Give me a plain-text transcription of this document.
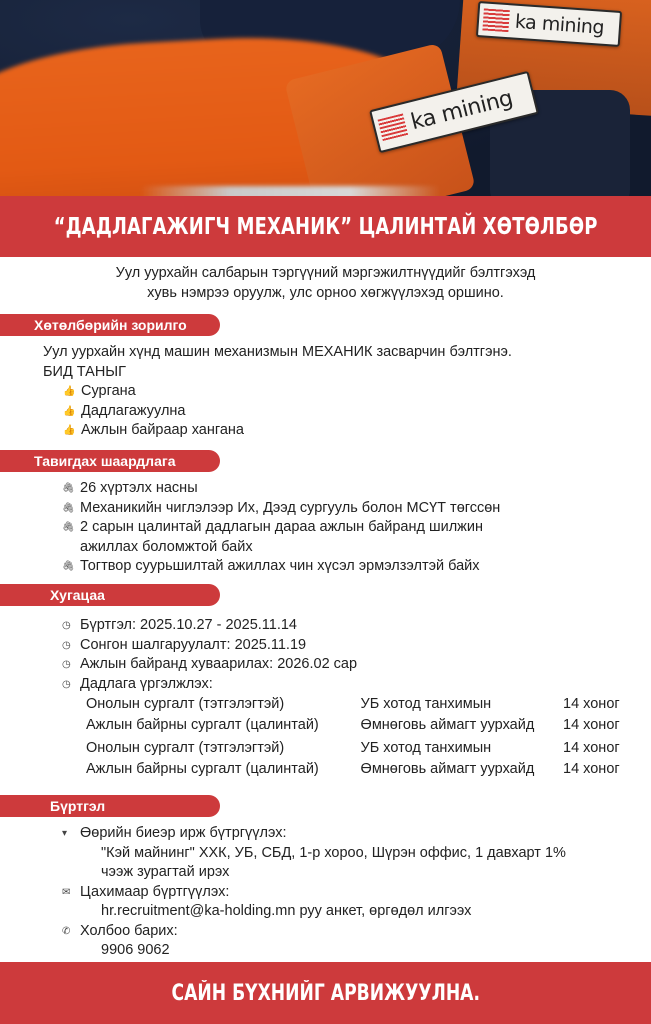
ka mining
ka mining
“ДАДЛАГАЖИГЧ МЕХАНИК” ЦАЛИНТАЙ ХӨТӨЛБӨР
Уул уурхайн салбарын тэргүүний мэргэжилтнүүдийг бэлтгэхэд
хувь нэмрээ оруулж, улс орноо хөгжүүлэхэд оршино.
Хөтөлбөрийн зорилго
Уул уурхайн хүнд машин механизмын МЕХАНИК засварчин бэлтгэнэ.
БИД ТАНЫГ
👍 Сургана
👍 Дадлагажуулна
👍 Ажлын байраар хангана
Тавигдах шаардлага
🖇 26 хүртэлх насны
🖇 Механикийн чиглэлээр Их, Дээд сургууль болон МСҮТ төгссөн
🖇 2 сарын цалинтай дадлагын дараа ажлын байранд шилжин ажиллах боломжтой байх
🖇 Тогтвор суурьшилтай ажиллах чин хүсэл эрмэлзэлтэй байх
Хугацаа
◷ Бүртгэл: 2025.10.27 - 2025.11.14
◷ Сонгон шалгаруулалт: 2025.11.19
◷ Ажлын байранд хуваарилах: 2026.02 сар
◷ Дадлага үргэлжлэх:
Онолын сургалт (тэтгэлэгтэй)	УБ хотод танхимын	14 хоног
Ажлын байрны сургалт (цалинтай)	Өмнөговь аймагт уурхайд	14 хоног
Онолын сургалт (тэтгэлэгтэй)	УБ хотод танхимын	14 хоног
Ажлын байрны сургалт (цалинтай)	Өмнөговь аймагт уурхайд	14 хоног
Бүртгэл
▾ Өөрийн биеэр ирж бүтргүүлэх:
"Кэй майнинг" ХХК, УБ, СБД, 1-р хороо, Шүрэн оффис, 1 давхарт 1%
чээж зурагтай ирэх
✉ Цахимаар бүртгүүлэх:
hr.recruitment@ka-holding.mn руу анкет, өргөдөл илгээх
✆ Холбоо барих:
9906 9062
САЙН БҮХНИЙГ АРВИЖУУЛНА.
